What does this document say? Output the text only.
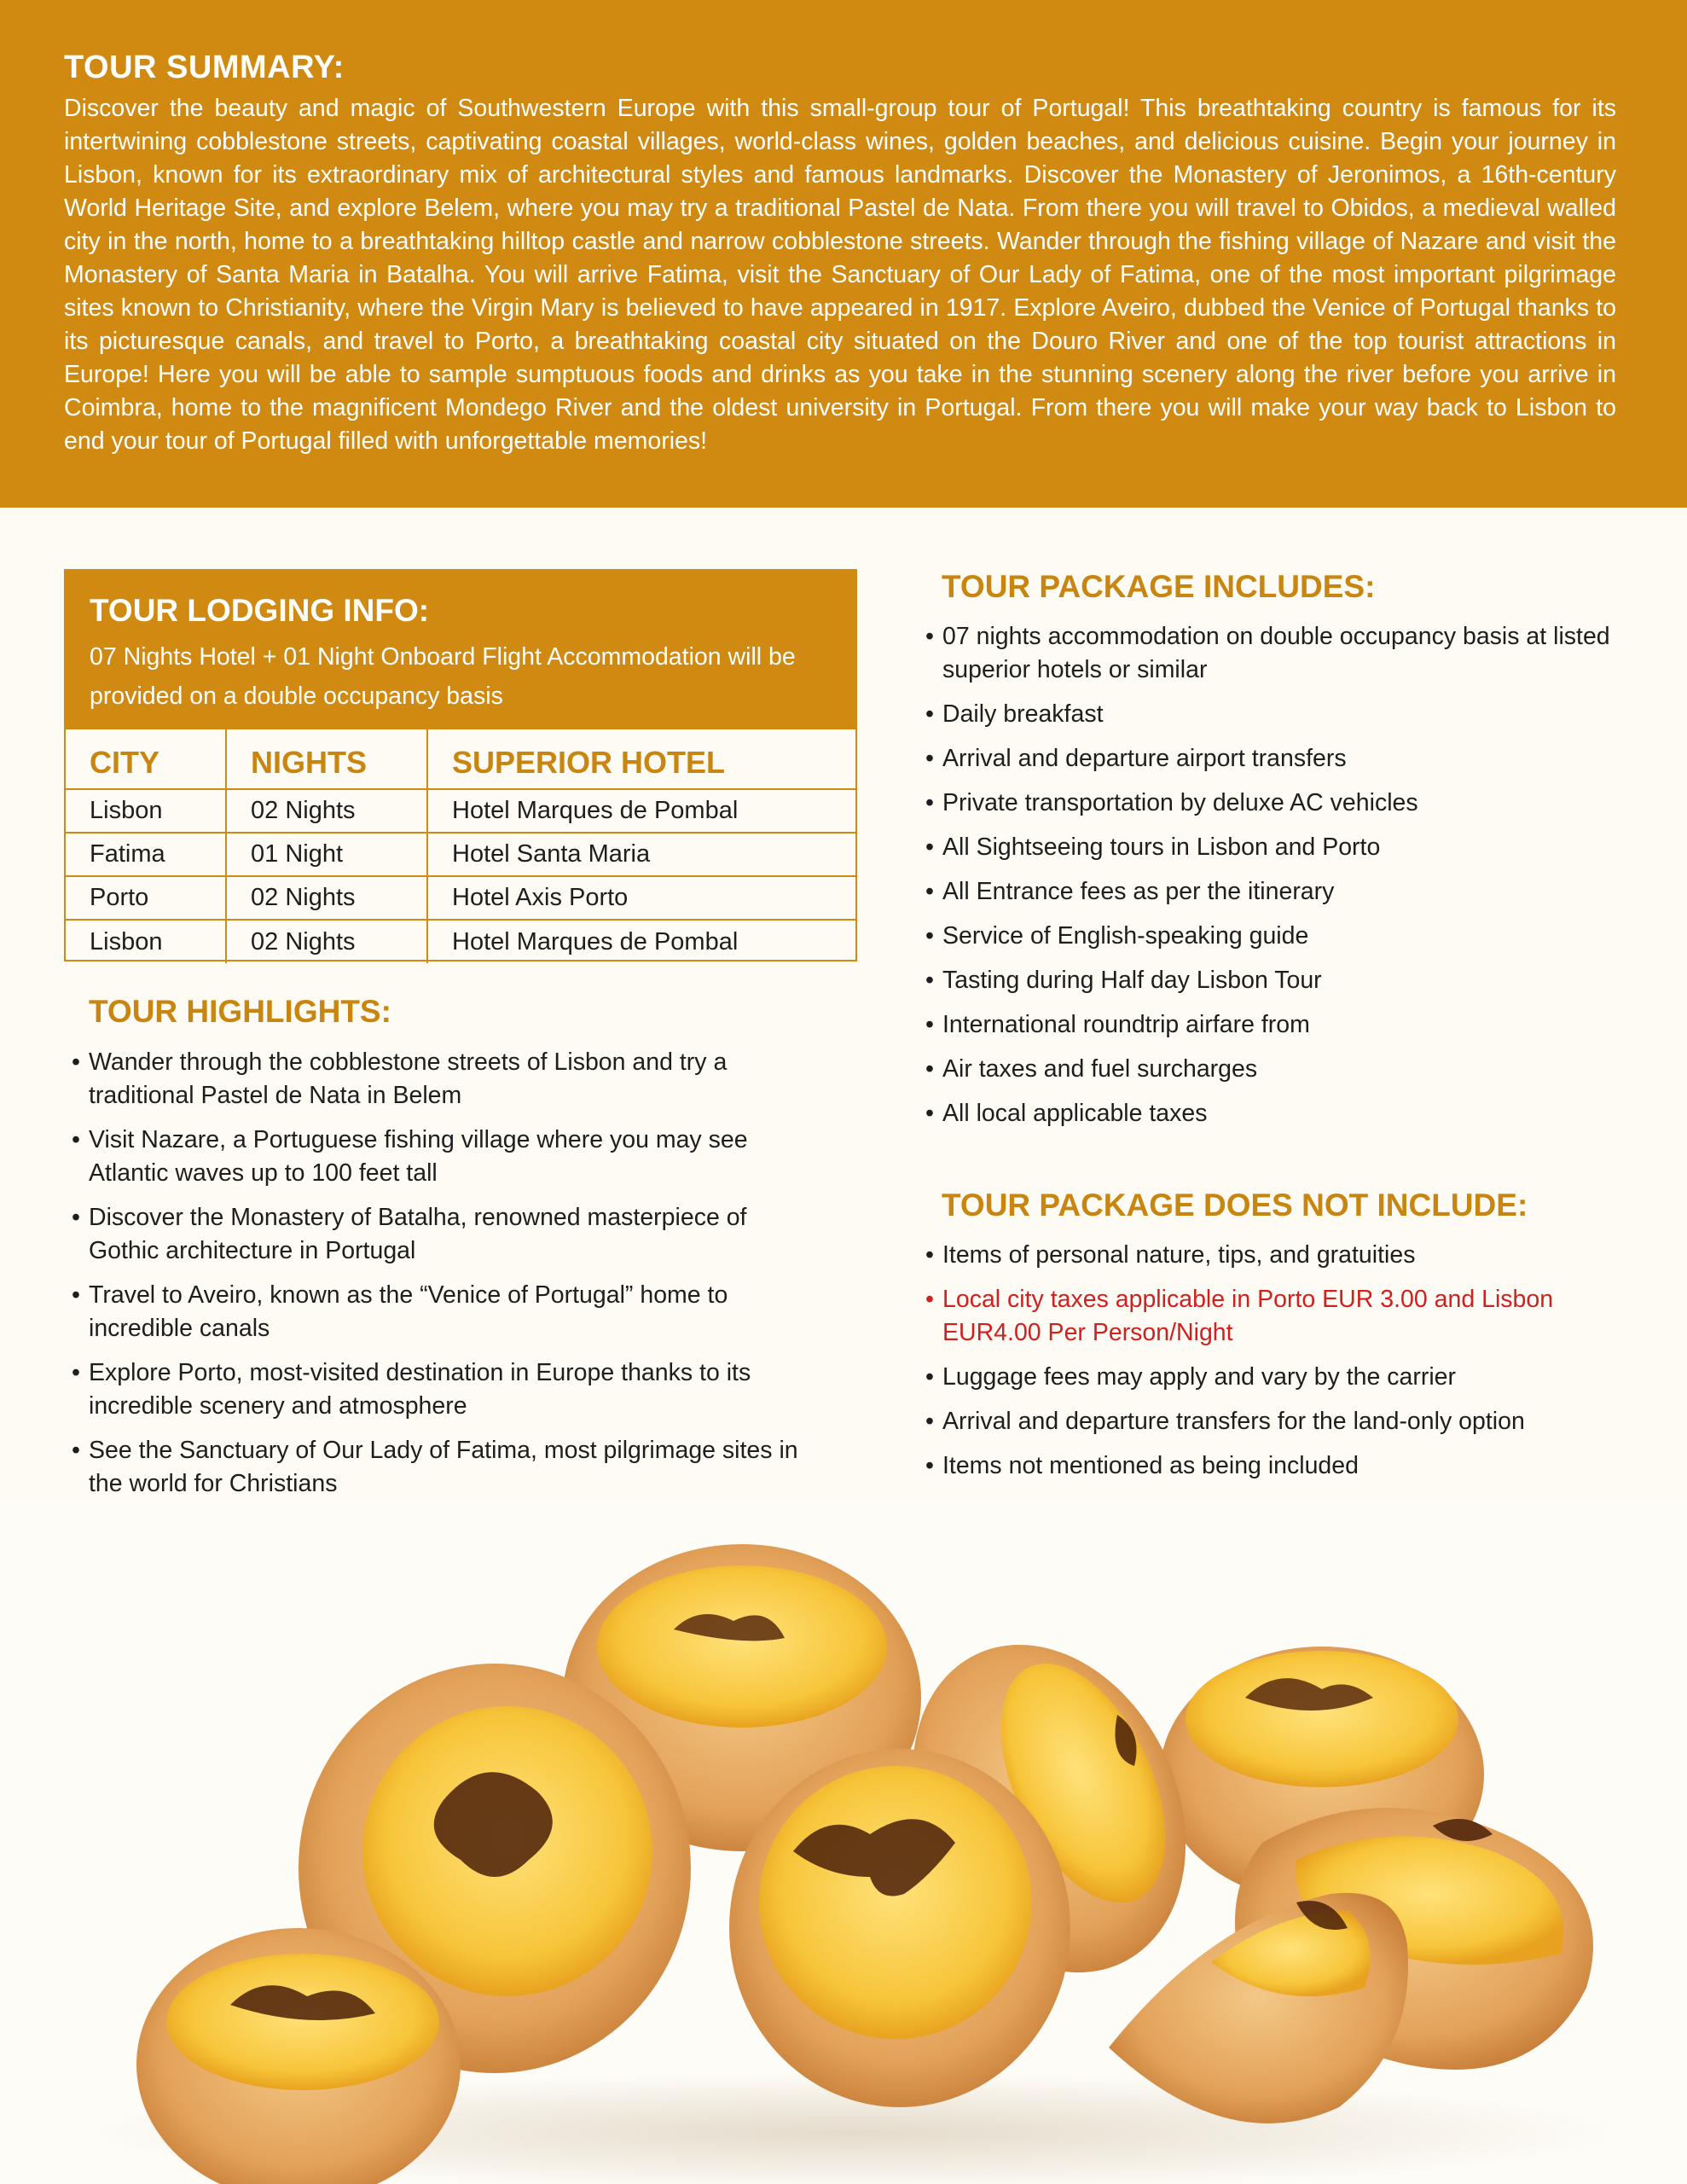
TOUR SUMMARY:
Discover the beauty and magic of Southwestern Europe with this small-group tour of Portugal! This breathtaking country is famous for its intertwining cobblestone streets, captivating coastal villages, world-class wines, golden beaches, and delicious cuisine. Begin your journey in Lisbon, known for its extraordinary mix of architectural styles and famous landmarks. Discover the Monastery of Jeronimos, a 16th-century World Heritage Site, and explore Belem, where you may try a traditional Pastel de Nata. From there you will travel to Obidos, a medieval walled city in the north, home to a breathtaking hilltop castle and narrow cobblestone streets. Wander through the fishing village of Nazare and visit the Monastery of Santa Maria in Batalha. You will arrive Fatima, visit the Sanctuary of Our Lady of Fatima, one of the most important pilgrimage sites known to Christianity, where the Virgin Mary is believed to have appeared in 1917. Explore Aveiro, dubbed the Venice of Portugal thanks to its picturesque canals, and travel to Porto, a breathtaking coastal city situated on the Douro River and one of the top tourist attractions in Europe! Here you will be able to sample sumptuous foods and drinks as you take in the stunning scenery along the river before you arrive in Coimbra, home to the magnificent Mondego River and the oldest university in Portugal. From there you will make your way back to Lisbon to end your tour of Portugal filled with unforgettable memories!
TOUR LODGING INFO:
07 Nights Hotel + 01 Night Onboard Flight Accommodation will be provided on a double occupancy basis
CITY	NIGHTS	SUPERIOR HOTEL
Lisbon	02 Nights	Hotel Marques de Pombal
Fatima	01 Night	Hotel Santa Maria
Porto	02 Nights	Hotel Axis Porto
Lisbon	02 Nights	Hotel Marques de Pombal
TOUR HIGHLIGHTS:
• Wander through the cobblestone streets of Lisbon and try a traditional Pastel de Nata in Belem
• Visit Nazare, a Portuguese fishing village where you may see Atlantic waves up to 100 feet tall
• Discover the Monastery of Batalha, renowned masterpiece of Gothic architecture in Portugal
• Travel to Aveiro, known as the “Venice of Portugal” home to incredible canals
• Explore Porto, most-visited destination in Europe thanks to its incredible scenery and atmosphere
• See the Sanctuary of Our Lady of Fatima, most pilgrimage sites in the world for Christians
TOUR PACKAGE INCLUDES:
• 07 nights accommodation on double occupancy basis at listed superior hotels or similar
• Daily breakfast
• Arrival and departure airport transfers
• Private transportation by deluxe AC vehicles
• All Sightseeing tours in Lisbon and Porto
• All Entrance fees as per the itinerary
• Service of English-speaking guide
• Tasting during Half day Lisbon Tour
• International roundtrip airfare from
• Air taxes and fuel surcharges
• All local applicable taxes
TOUR PACKAGE DOES NOT INCLUDE:
• Items of personal nature, tips, and gratuities
• Local city taxes applicable in Porto EUR 3.00 and Lisbon EUR4.00 Per Person/Night
• Luggage fees may apply and vary by the carrier
• Arrival and departure transfers for the land-only option
• Items not mentioned as being included
